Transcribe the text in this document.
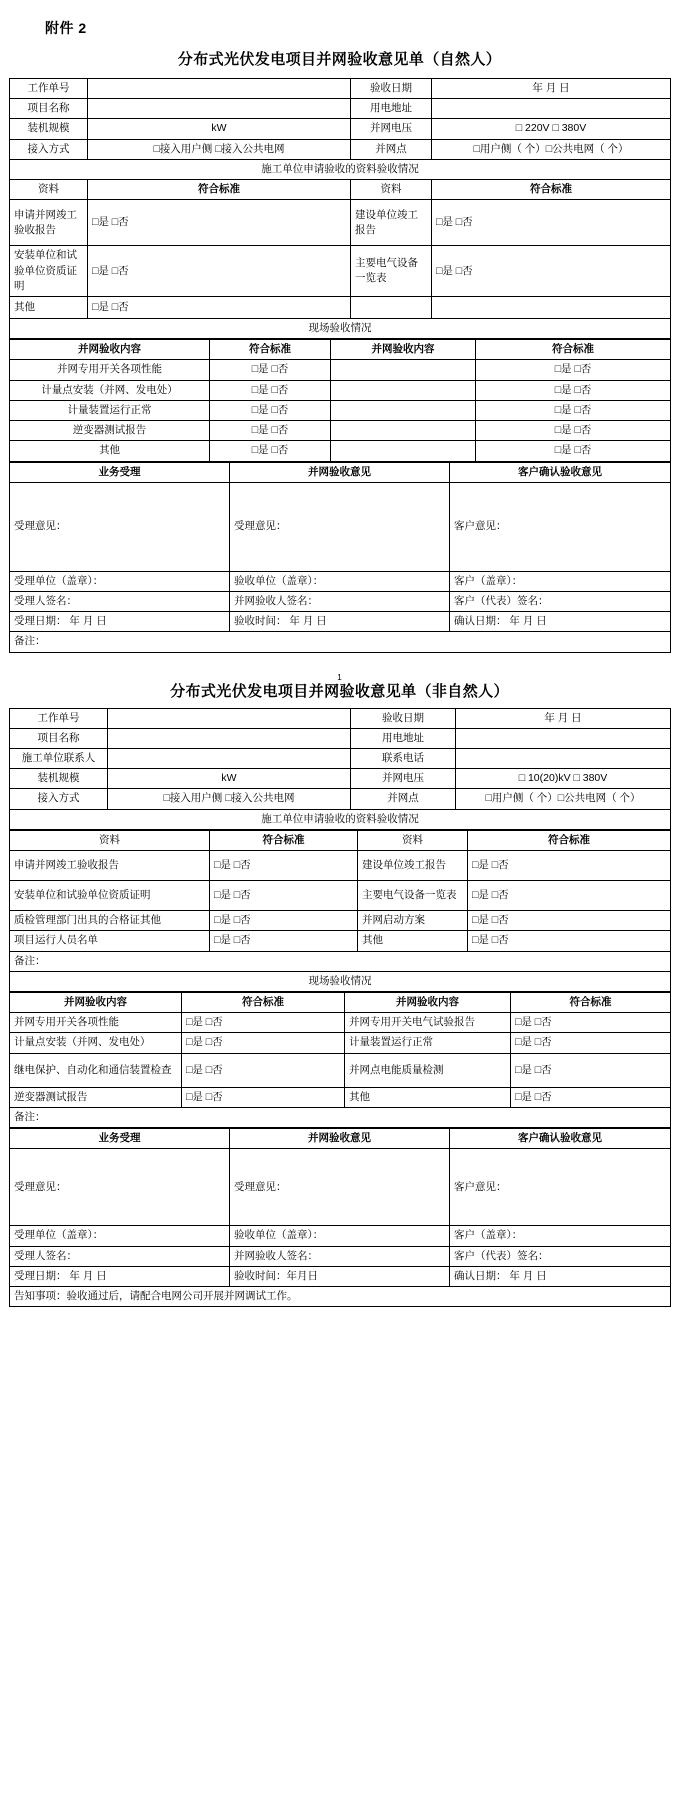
附件 2
分布式光伏发电项目并网验收意见单（自然人）
工作单号		验收日期	年 月 日
项目名称		用电地址	
装机规模	kW	并网电压	□ 220V □ 380V
接入方式	□接入用户侧 □接入公共电网	并网点	□用户侧（ 个）□公共电网（ 个）
施工单位申请验收的资料验收情况			
资料	符合标准	资料	符合标准
申请并网竣工验收报告	□是 □否	建设单位竣工报告	□是 □否
安装单位和试验单位资质证明	□是 □否	主要电气设备一览表	□是 □否
其他	□是 □否		
现场验收情况			
并网验收内容	符合标准	并网验收内容	符合标准
并网专用开关各项性能	□是 □否		□是 □否
计量点安装（并网、发电处）	□是 □否		□是 □否
计量装置运行正常	□是 □否		□是 □否
逆变器测试报告	□是 □否		□是 □否
其他	□是 □否		□是 □否
业务受理	并网验收意见	客户确认验收意见
受理意见：	受理意见：	客户意见：
受理单位（盖章）：	验收单位（盖章）：	客户（盖章）：
受理人签名：	并网验收人签名：	客户（代表）签名：
受理日期： 年 月 日	验收时间： 年 月 日	确认日期： 年 月 日
备注：		
1
分布式光伏发电项目并网验收意见单（非自然人）
工作单号		验收日期	年 月 日
项目名称		用电地址	
施工单位联系人		联系电话	
装机规模	kW	并网电压	□ 10(20)kV □ 380V
接入方式	□接入用户侧 □接入公共电网	并网点	□用户侧（ 个）□公共电网（ 个）
施工单位申请验收的资料验收情况			
资料	符合标准	资料	符合标准
申请并网竣工验收报告	□是 □否	建设单位竣工报告	□是 □否
安装单位和试验单位资质证明	□是 □否	主要电气设备一览表	□是 □否
质检管理部门出具的合格证其他	□是 □否	并网启动方案	□是 □否
项目运行人员名单	□是 □否	其他	□是 □否
备注：			
现场验收情况			
并网验收内容	符合标准	并网验收内容	符合标准
并网专用开关各项性能	□是 □否	并网专用开关电气试验报告	□是 □否
计量点安装（并网、发电处）	□是 □否	计量装置运行正常	□是 □否
继电保护、自动化和通信装置检查	□是 □否	并网点电能质量检测	□是 □否
逆变器测试报告	□是 □否	其他	□是 □否
备注：			
业务受理	并网验收意见	客户确认验收意见
受理意见：	受理意见：	客户意见：
受理单位（盖章）：	验收单位（盖章）：	客户（盖章）：
受理人签名：	并网验收人签名：	客户（代表）签名：
受理日期： 年 月 日	验收时间：年月日	确认日期： 年 月 日
告知事项：验收通过后，请配合电网公司开展并网调试工作。		
